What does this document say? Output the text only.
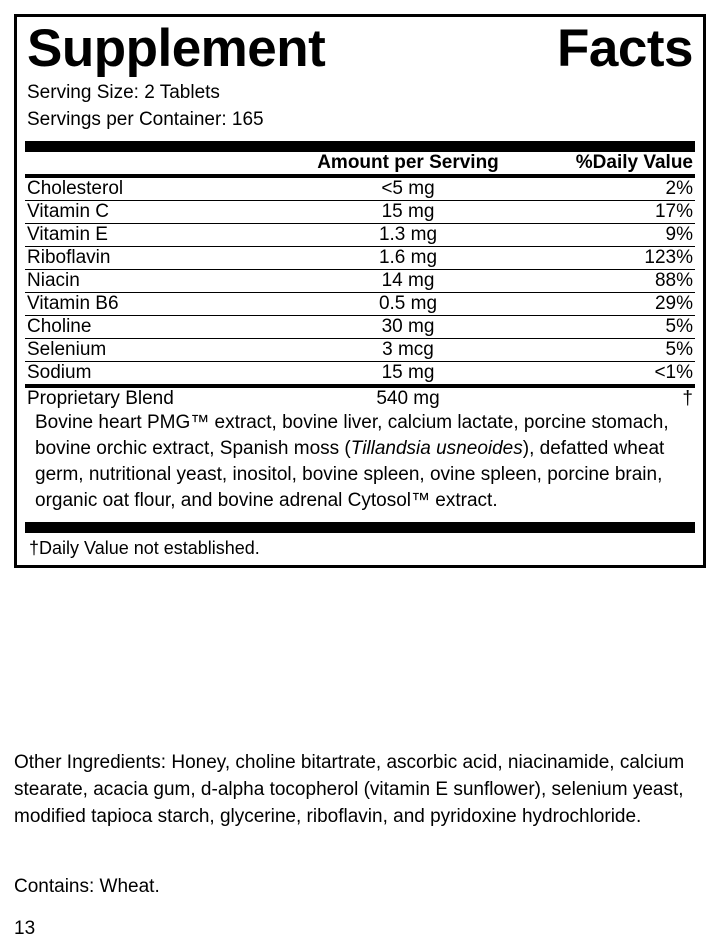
Supplement	Facts
Serving Size: 2 Tablets
Servings per Container: 165
	Amount per Serving	%Daily Value
Cholesterol	<5 mg	2%
Vitamin C	15 mg	17%
Vitamin E	1.3 mg	9%
Riboflavin	1.6 mg	123%
Niacin	14 mg	88%
Vitamin B6	0.5 mg	29%
Choline	30 mg	5%
Selenium	3 mcg	5%
Sodium	15 mg	<1%
Proprietary Blend	540 mg	†
Bovine heart PMG™ extract, bovine liver, calcium lactate, porcine stomach, bovine orchic extract, Spanish moss (Tillandsia usneoides), defatted wheat germ, nutritional yeast, inositol, bovine spleen, ovine spleen, porcine brain, organic oat flour, and bovine adrenal Cytosol™ extract.
†Daily Value not established.
Other Ingredients: Honey, choline bitartrate, ascorbic acid, niacinamide, calcium stearate, acacia gum, d-alpha tocopherol (vitamin E sunflower), selenium yeast, modified tapioca starch, glycerine, riboflavin, and pyridoxine hydrochloride.
Contains: Wheat.
13
